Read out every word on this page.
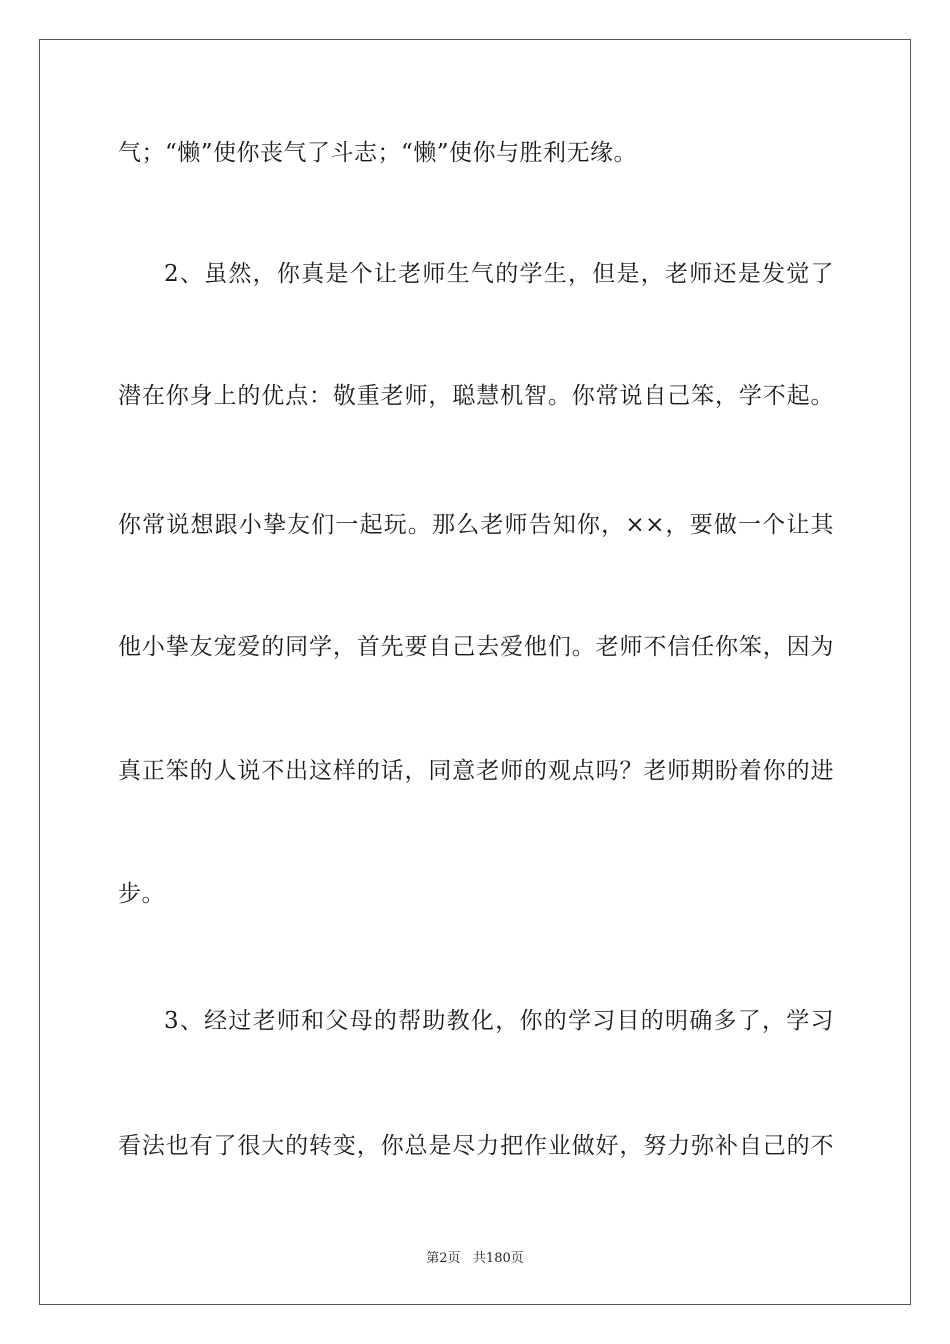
气；“懒”使你丧气了斗志；“懒”使你与胜利无缘。
2、虽然，你真是个让老师生气的学生，但是，老师还是发觉了
潜在你身上的优点：敬重老师，聪慧机智。你常说自己笨，学不起。
你常说想跟小挚友们一起玩。那么老师告知你，××，要做一个让其
他小挚友宠爱的同学，首先要自己去爱他们。老师不信任你笨，因为
真正笨的人说不出这样的话，同意老师的观点吗？老师期盼着你的进
步。
3、经过老师和父母的帮助教化，你的学习目的明确多了，学习
看法也有了很大的转变，你总是尽力把作业做好，努力弥补自己的不
第2页 共180页
